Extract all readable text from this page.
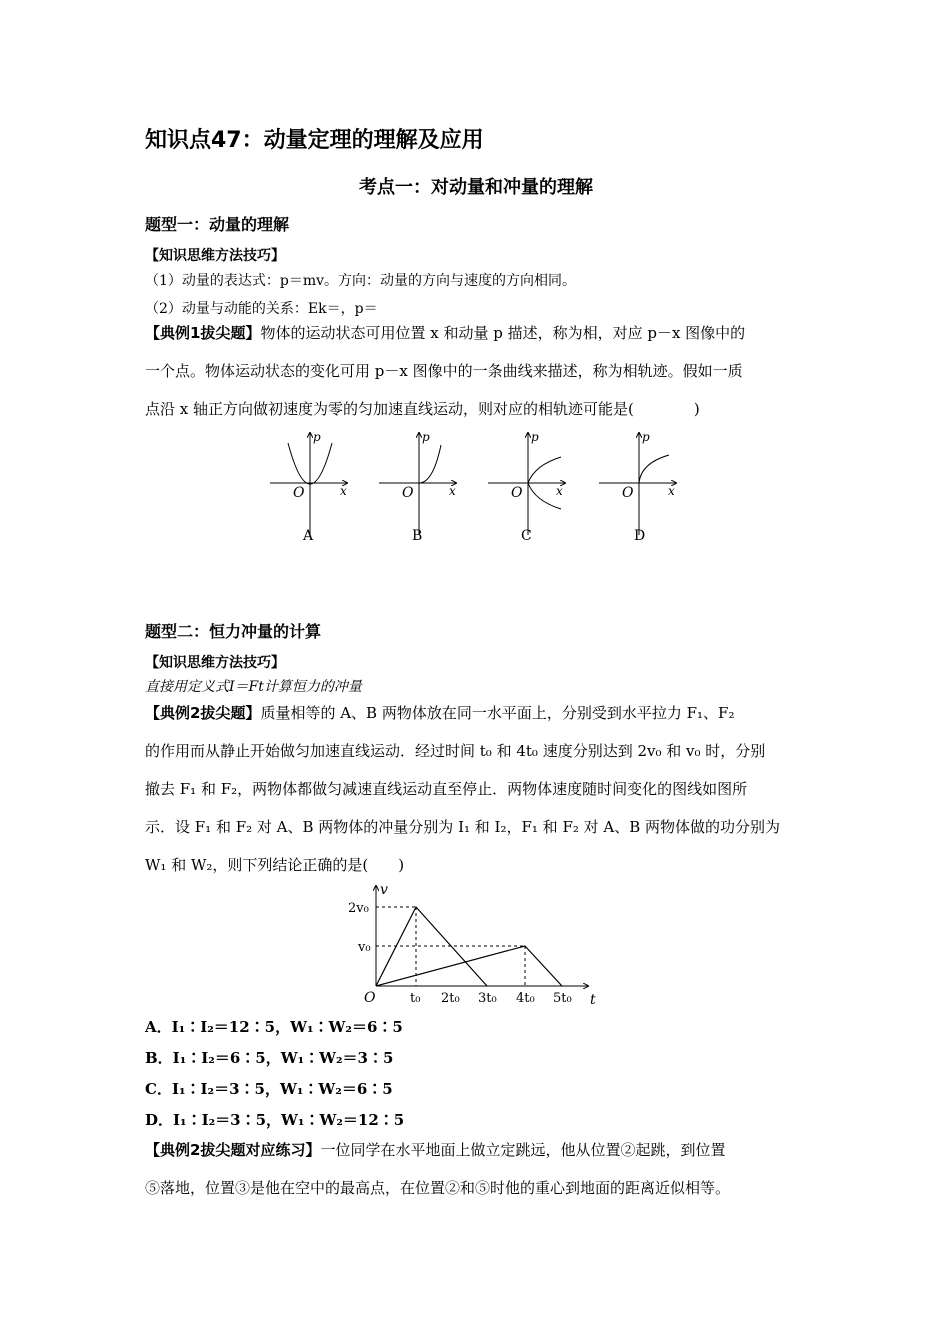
知识点47：动量定理的理解及应用
考点一：对动量和冲量的理解
题型一：动量的理解
【知识思维方法技巧】
（1）动量的表达式：p＝mv。方向：动量的方向与速度的方向相同。
（2）动量与动能的关系：Ek＝，p＝
【典例1拔尖题】物体的运动状态可用位置 x 和动量 p 描述，称为相，对应 p－x 图像中的
一个点。物体运动状态的变化可用 p－x 图像中的一条曲线来描述，称为相轨迹。假如一质
点沿 x 轴正方向做初速度为零的匀加速直线运动，则对应的相轨迹可能是(　　　　)
p
x
O
A
p
x
O
B
p
x
O
C
p
x
O
D
题型二：恒力冲量的计算
【知识思维方法技巧】
直接用定义式I＝Ft计算恒力的冲量
【典例2拔尖题】质量相等的 A、B 两物体放在同一水平面上，分别受到水平拉力 F₁、F₂
的作用而从静止开始做匀加速直线运动．经过时间 t₀ 和 4t₀ 速度分别达到 2v₀ 和 v₀ 时，分别
撤去 F₁ 和 F₂，两物体都做匀减速直线运动直至停止．两物体速度随时间变化的图线如图所
示．设 F₁ 和 F₂ 对 A、B 两物体的冲量分别为 I₁ 和 I₂，F₁ 和 F₂ 对 A、B 两物体做的功分别为
W₁ 和 W₂，则下列结论正确的是(　　)
v
t
O
2v₀
v₀
t₀ 2t₀ 3t₀ 4t₀ 5t₀
A．I₁∶I₂＝12∶5，W₁∶W₂＝6∶5
B．I₁∶I₂＝6∶5，W₁∶W₂＝3∶5
C．I₁∶I₂＝3∶5，W₁∶W₂＝6∶5
D．I₁∶I₂＝3∶5，W₁∶W₂＝12∶5
【典例2拔尖题对应练习】一位同学在水平地面上做立定跳远，他从位置②起跳，到位置
⑤落地，位置③是他在空中的最高点，在位置②和⑤时他的重心到地面的距离近似相等。
